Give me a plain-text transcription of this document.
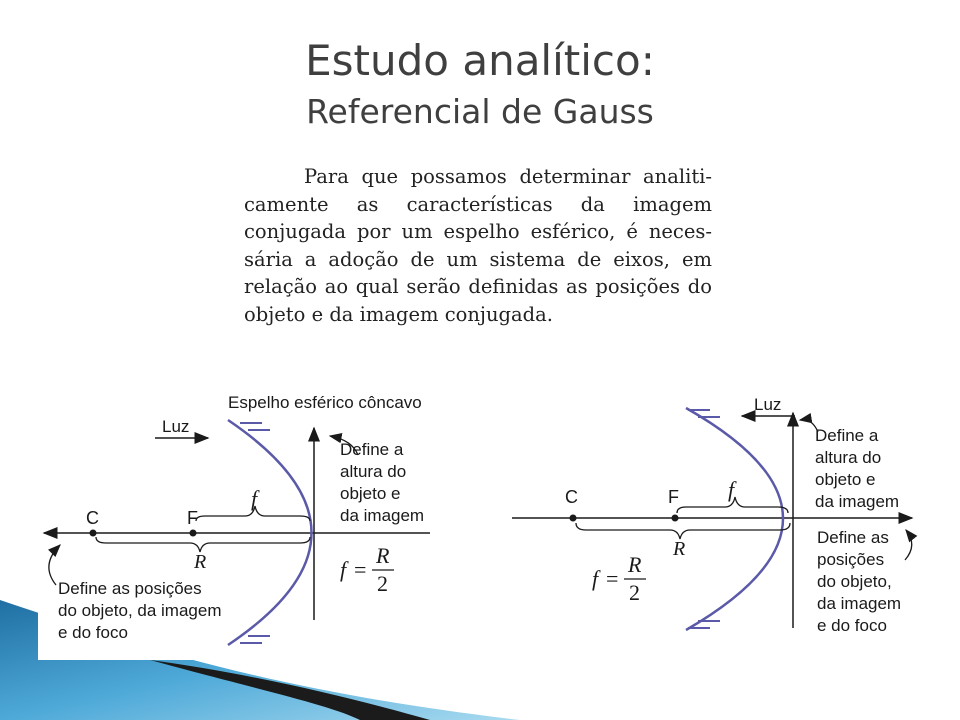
Estudo analítico:
Referencial de Gauss
Para que possamos determinar analiti-camente as características da imagem conjugada por um espelho esférico, é neces-sária a adoção de um sistema de eixos, em relação ao qual serão definidas as posições do objeto e da imagem conjugada.
Luz
Espelho esférico côncavo
C	F
f
R
Define a
altura do
objeto e
da imagem
Define as posições
do objeto, da imagem
e do foco
f =
R
2
Luz
C	F f
R
Define a
altura do
objeto e
da imagem
Define as
posições
do objeto,
da imagem
e do foco
f =
R
2
